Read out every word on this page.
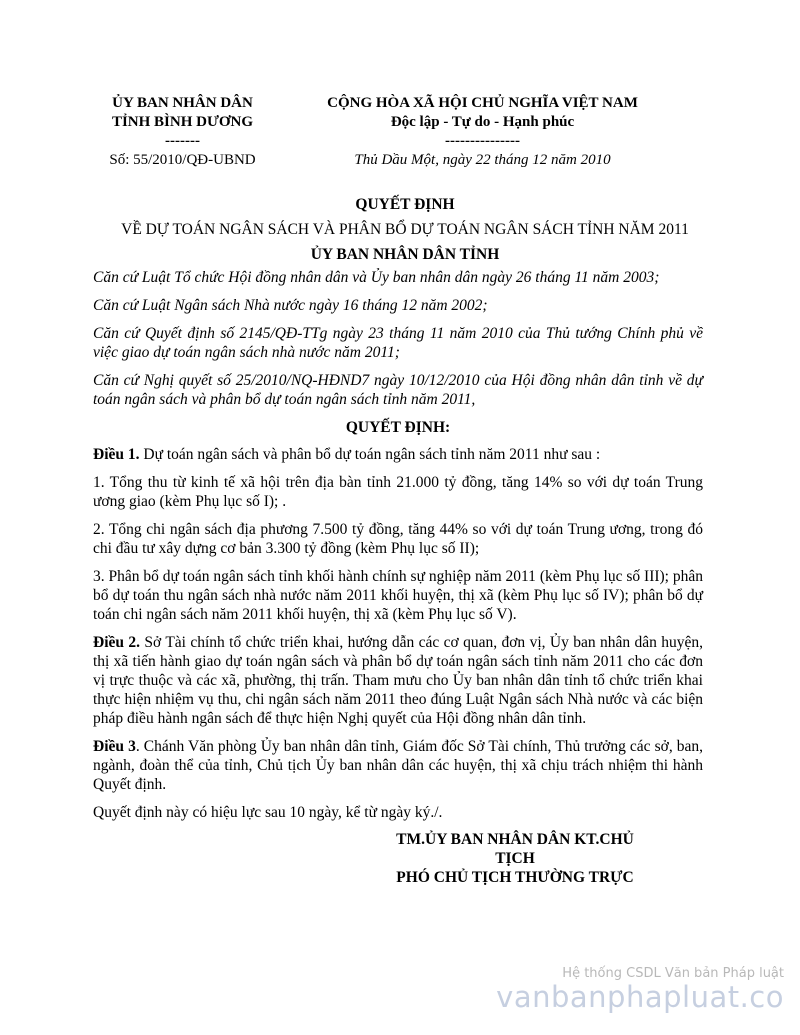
ỦY BAN NHÂN DÂN
TỈNH BÌNH DƯƠNG
-------
Số: 55/2010/QĐ-UBND
CỘNG HÒA XÃ HỘI CHỦ NGHĨA VIỆT NAM
Độc lập - Tự do - Hạnh phúc
---------------
Thủ Dầu Một, ngày 22 tháng 12 năm 2010
QUYẾT ĐỊNH
VỀ DỰ TOÁN NGÂN SÁCH VÀ PHÂN BỔ DỰ TOÁN NGÂN SÁCH TỈNH NĂM 2011
ỦY BAN NHÂN DÂN TỈNH

Căn cứ Luật Tổ chức Hội đồng nhân dân và Ủy ban nhân dân ngày 26 tháng 11 năm 2003;

Căn cứ Luật Ngân sách Nhà nước ngày 16 tháng 12 năm 2002;

Căn cứ Quyết định số 2145/QĐ-TTg ngày 23 tháng 11 năm 2010 của Thủ tướng Chính phủ về việc giao dự toán ngân sách nhà nước năm 2011;

Căn cứ Nghị quyết số 25/2010/NQ-HĐND7 ngày 10/12/2010 của Hội đồng nhân dân tỉnh về dự toán ngân sách và phân bổ dự toán ngân sách tỉnh năm 2011,

QUYẾT ĐỊNH:

Điều 1. Dự toán ngân sách và phân bổ dự toán ngân sách tỉnh năm 2011 như sau :

1. Tổng thu từ kinh tế xã hội trên địa bàn tỉnh 21.000 tỷ đồng, tăng 14% so với dự toán Trung ương giao (kèm Phụ lục số I); .

2. Tổng chi ngân sách địa phương 7.500 tỷ đồng, tăng 44% so với dự toán Trung ương, trong đó chi đầu tư xây dựng cơ bản 3.300 tỷ đồng (kèm Phụ lục số II);

3. Phân bổ dự toán ngân sách tỉnh khối hành chính sự nghiệp năm 2011 (kèm Phụ lục số III); phân bổ dự toán thu ngân sách nhà nước năm 2011 khối huyện, thị xã (kèm Phụ lục số IV); phân bổ dự toán chi ngân sách năm 2011 khối huyện, thị xã (kèm Phụ lục số V).

Điều 2. Sở Tài chính tổ chức triển khai, hướng dẫn các cơ quan, đơn vị, Ủy ban nhân dân huyện, thị xã tiến hành giao dự toán ngân sách và phân bổ dự toán ngân sách tỉnh năm 2011 cho các đơn vị trực thuộc và các xã, phường, thị trấn. Tham mưu cho Ủy ban nhân dân tỉnh tổ chức triển khai thực hiện nhiệm vụ thu, chi ngân sách năm 2011 theo đúng Luật Ngân sách Nhà nước và các biện pháp điều hành ngân sách để thực hiện Nghị quyết của Hội đồng nhân dân tỉnh.

Điều 3. Chánh Văn phòng Ủy ban nhân dân tỉnh, Giám đốc Sở Tài chính, Thủ trưởng các sở, ban, ngành, đoàn thể của tỉnh, Chủ tịch Ủy ban nhân dân các huyện, thị xã chịu trách nhiệm thi hành Quyết định.

Quyết định này có hiệu lực sau 10 ngày, kể từ ngày ký./.

TM.ỦY BAN NHÂN DÂN KT.CHỦ
TỊCH
PHÓ CHỦ TỊCH THƯỜNG TRỰC
Hệ thống CSDL Văn bản Pháp luật
vanbanphapluat.co
